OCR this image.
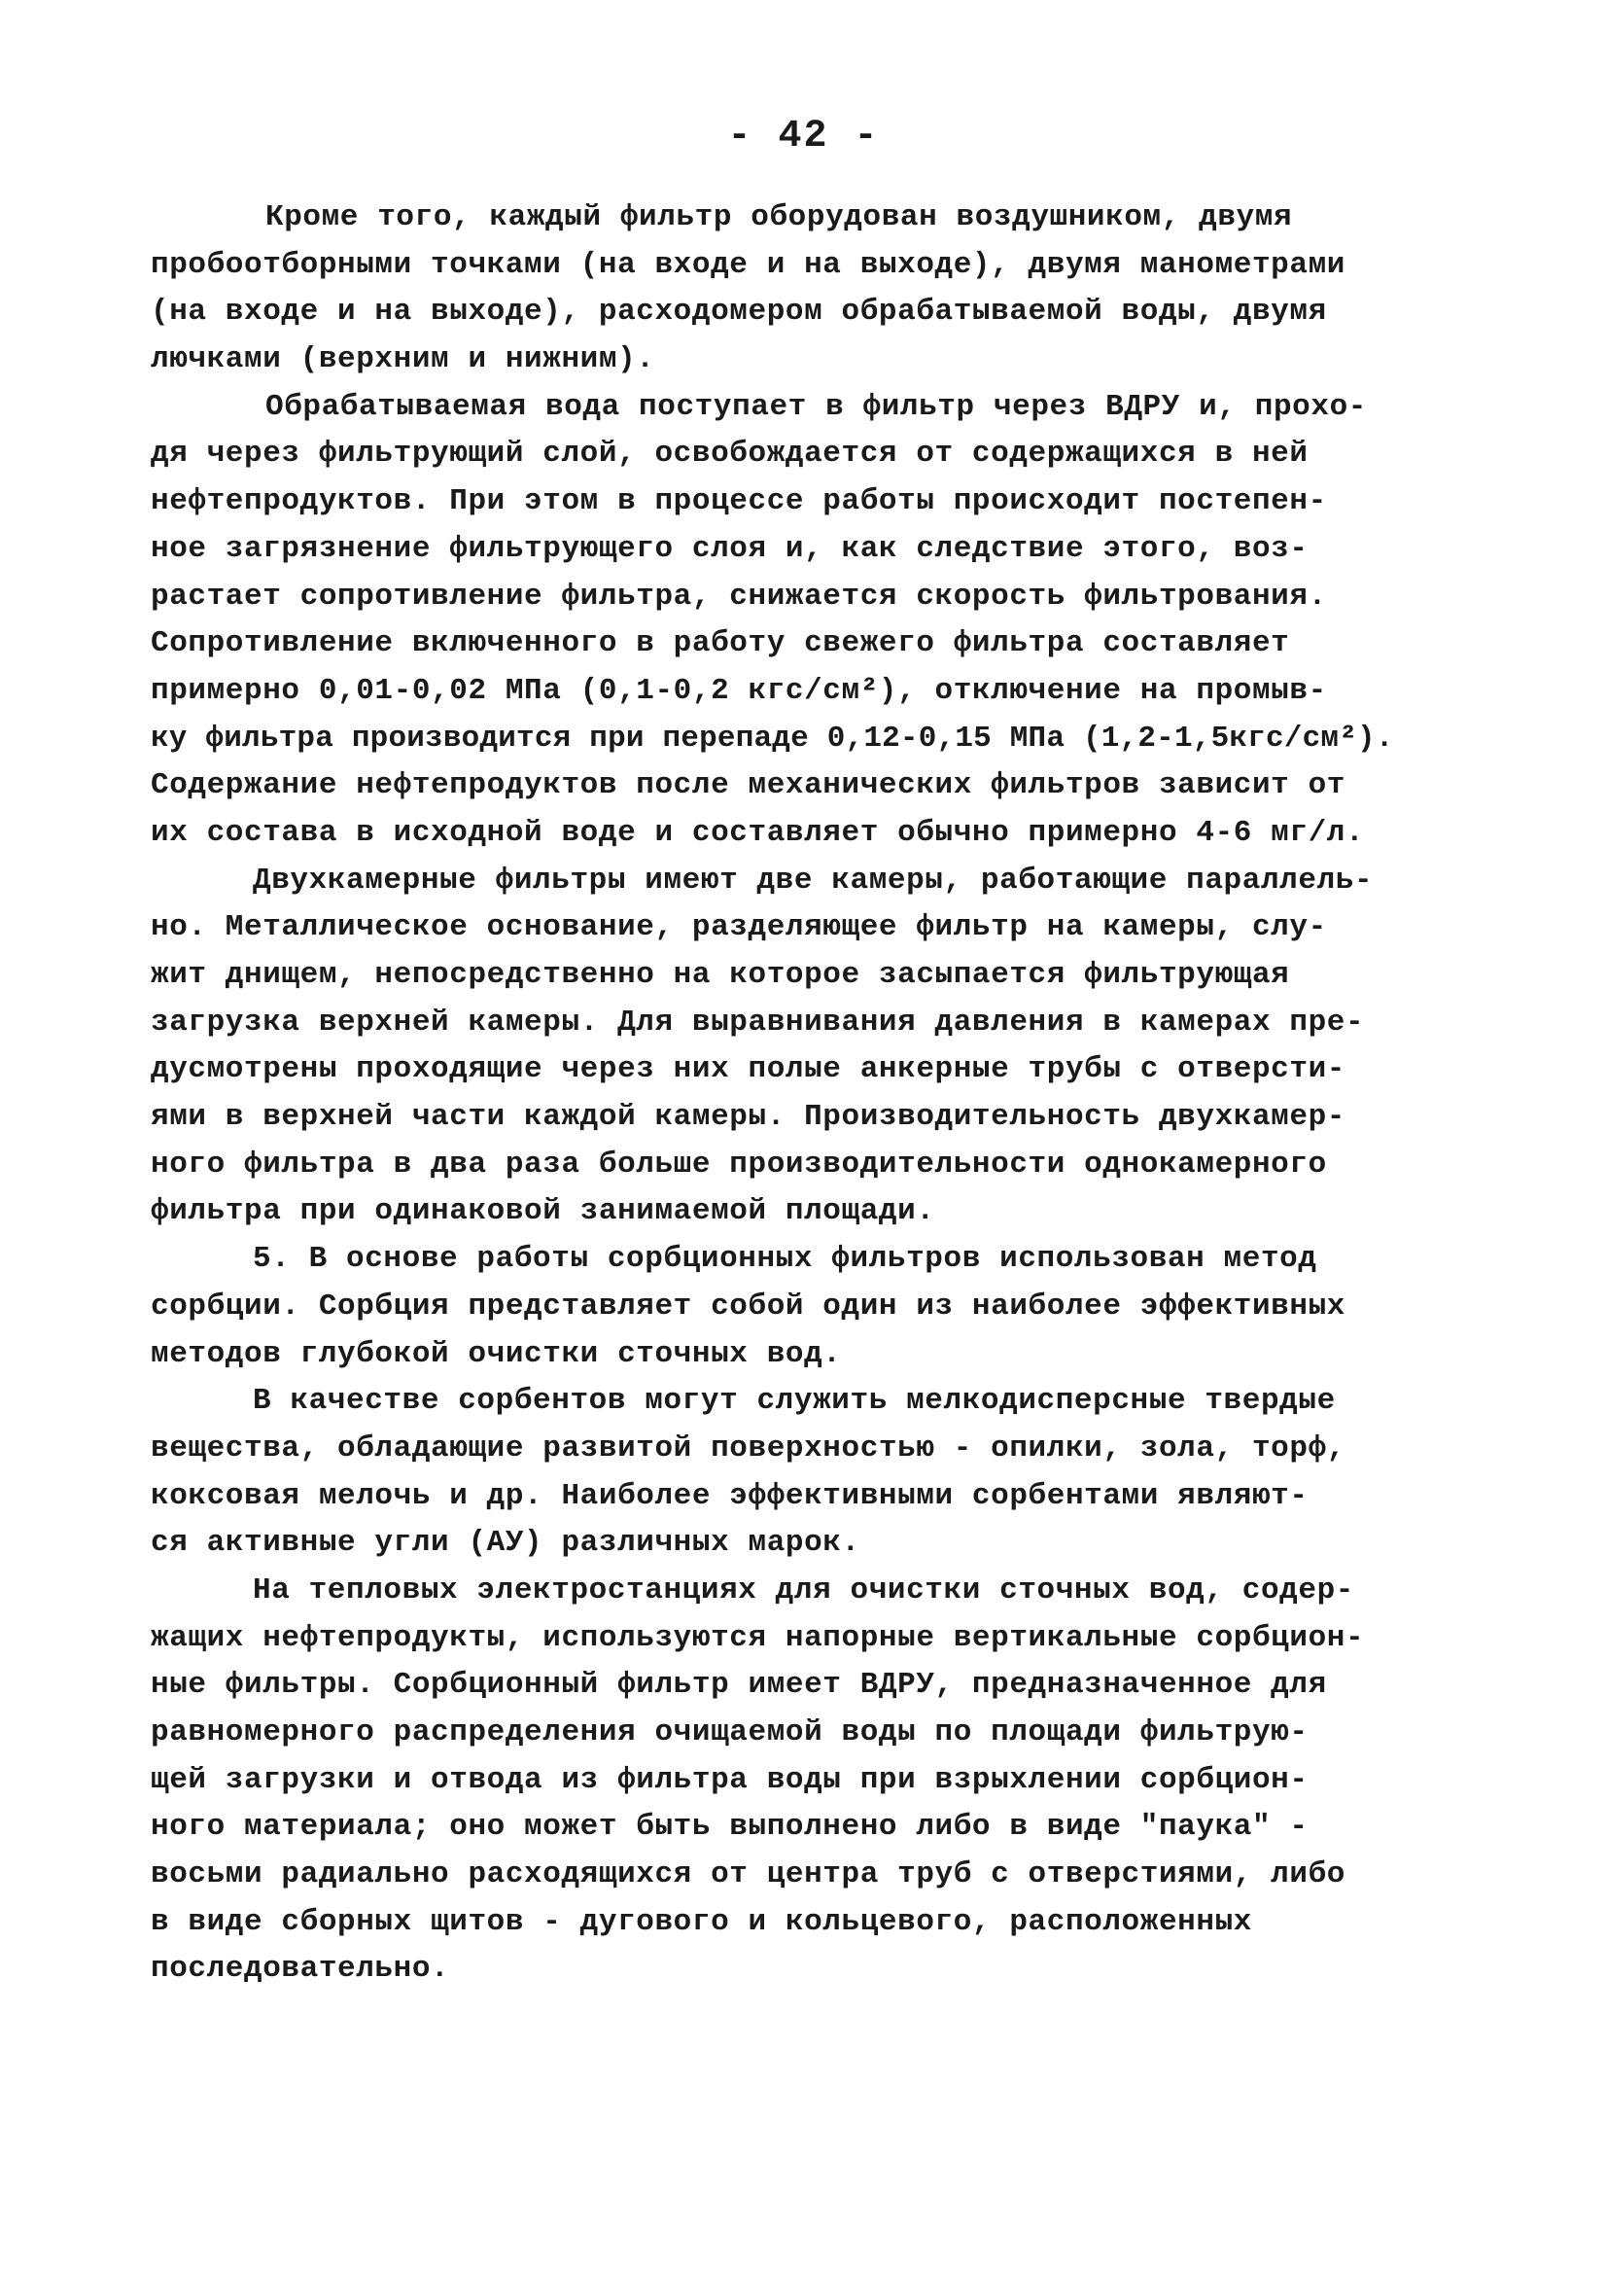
- 42 -
Кроме того, каждый фильтр оборудован воздушником, двумя
пробоотборными точками (на входе и на выходе), двумя манометрами
(на входе и на выходе), расходомером обрабатываемой воды, двумя
лючками (верхним и нижним).
Обрабатываемая вода поступает в фильтр через ВДРУ и, прохо-
дя через фильтрующий слой, освобождается от содержащихся в ней
нефтепродуктов. При этом в процессе работы происходит постепен-
ное загрязнение фильтрующего слоя и, как следствие этого, воз-
растает сопротивление фильтра, снижается скорость фильтрования.
Сопротивление включенного в работу свежего фильтра составляет
примерно 0,01-0,02 МПа (0,1-0,2 кгс/см²), отключение на промыв-
ку фильтра производится при перепаде 0,12-0,15 МПа (1,2-1,5кгс/см²).
Содержание нефтепродуктов после механических фильтров зависит от
их состава в исходной воде и составляет обычно примерно 4-6 мг/л.
Двухкамерные фильтры имеют две камеры, работающие параллель-
но. Металлическое основание, разделяющее фильтр на камеры, слу-
жит днищем, непосредственно на которое засыпается фильтрующая
загрузка верхней камеры. Для выравнивания давления в камерах пре-
дусмотрены проходящие через них полые анкерные трубы с отверсти-
ями в верхней части каждой камеры. Производительность двухкамер-
ного фильтра в два раза больше производительности однокамерного
фильтра при одинаковой занимаемой площади.
5. В основе работы сорбционных фильтров использован метод
сорбции. Сорбция представляет собой один из наиболее эффективных
методов глубокой очистки сточных вод.
В качестве сорбентов могут служить мелкодисперсные твердые
вещества, обладающие развитой поверхностью - опилки, зола, торф,
коксовая мелочь и др. Наиболее эффективными сорбентами являют-
ся активные угли (АУ) различных марок.
На тепловых электростанциях для очистки сточных вод, содер-
жащих нефтепродукты, используются напорные вертикальные сорбцион-
ные фильтры. Сорбционный фильтр имеет ВДРУ, предназначенное для
равномерного распределения очищаемой воды по площади фильтрую-
щей загрузки и отвода из фильтра воды при взрыхлении сорбцион-
ного материала; оно может быть выполнено либо в виде "паука" -
восьми радиально расходящихся от центра труб с отверстиями, либо
в виде сборных щитов - дугового и кольцевого, расположенных
последовательно.
